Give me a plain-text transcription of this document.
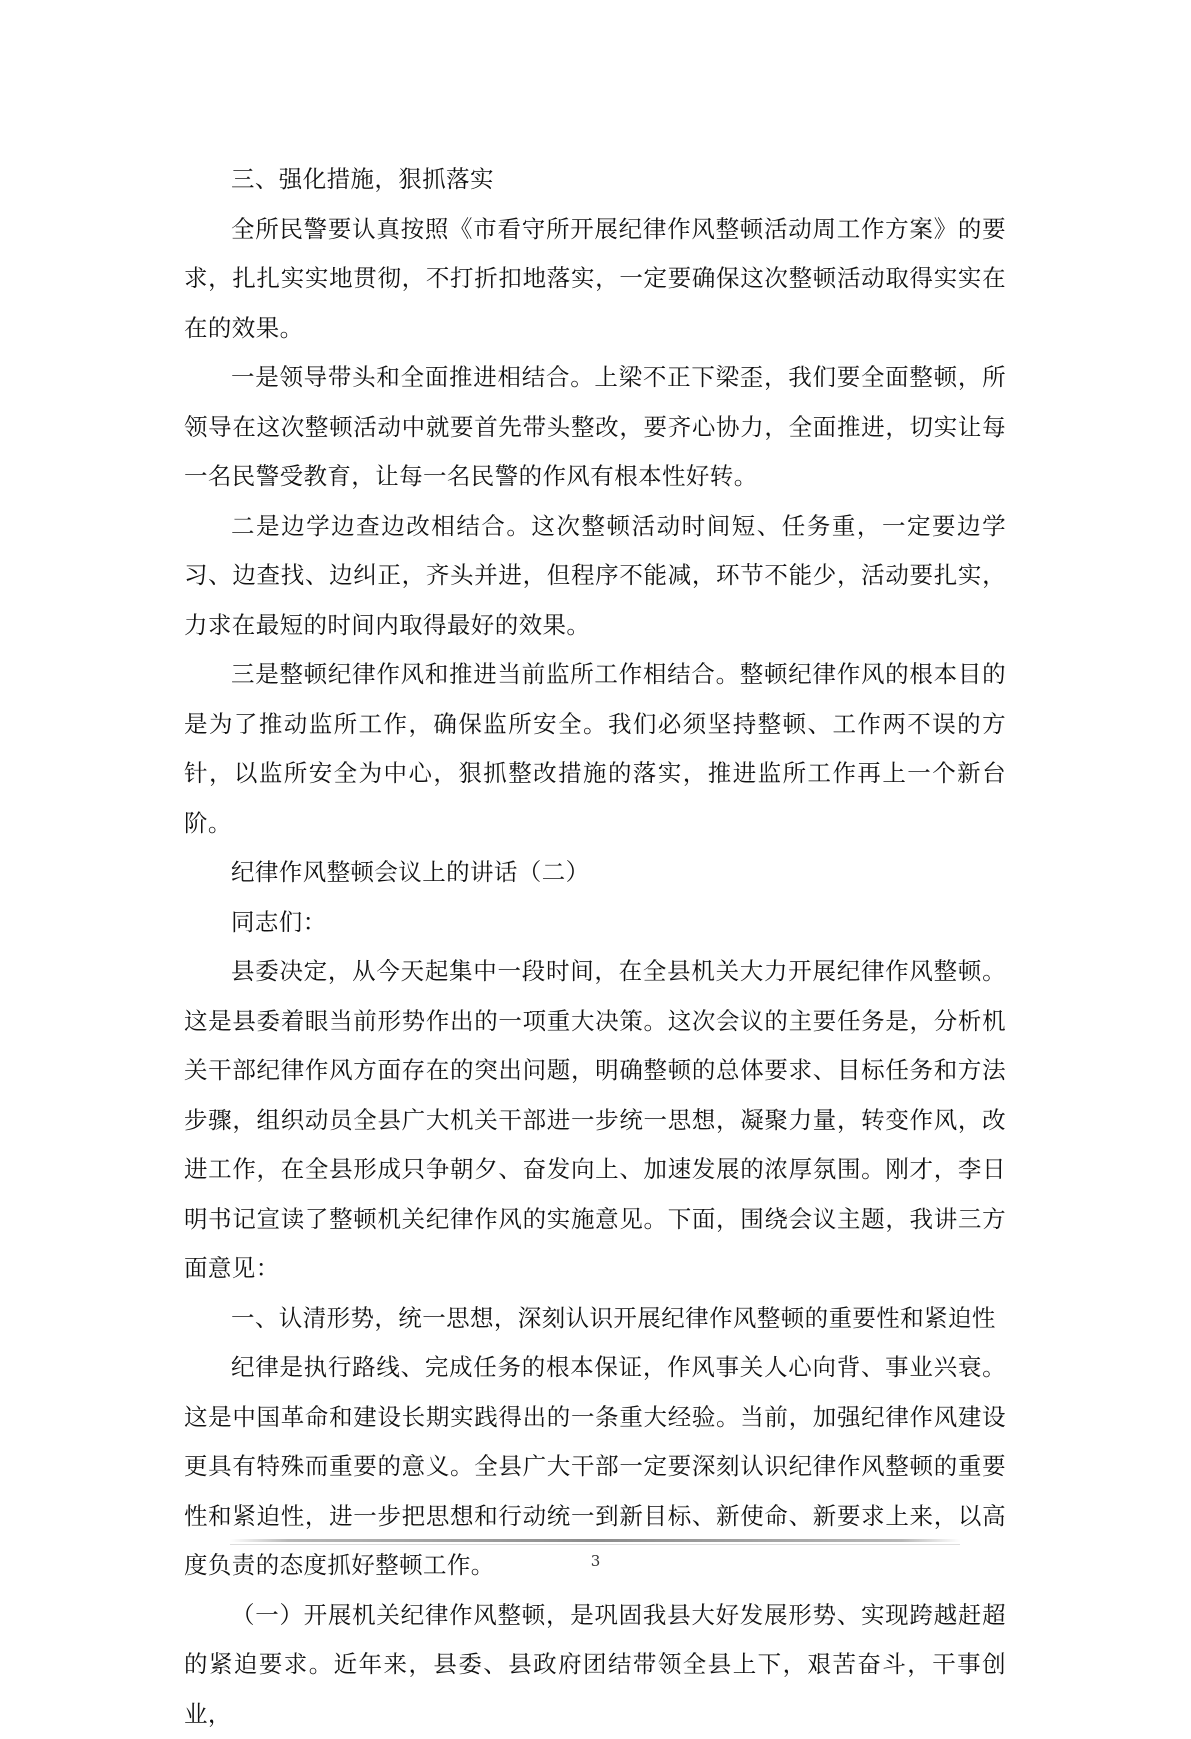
三、强化措施，狠抓落实

全所民警要认真按照《市看守所开展纪律作风整顿活动周工作方案》的要求，扎扎实实地贯彻，不打折扣地落实，一定要确保这次整顿活动取得实实在在的效果。

一是领导带头和全面推进相结合。上梁不正下梁歪，我们要全面整顿，所领导在这次整顿活动中就要首先带头整改，要齐心协力，全面推进，切实让每一名民警受教育，让每一名民警的作风有根本性好转。

二是边学边查边改相结合。这次整顿活动时间短、任务重，一定要边学习、边查找、边纠正，齐头并进，但程序不能减，环节不能少，活动要扎实，力求在最短的时间内取得最好的效果。

三是整顿纪律作风和推进当前监所工作相结合。整顿纪律作风的根本目的是为了推动监所工作，确保监所安全。我们必须坚持整顿、工作两不误的方针，以监所安全为中心，狠抓整改措施的落实，推进监所工作再上一个新台阶。

纪律作风整顿会议上的讲话（二）

同志们：

县委决定，从今天起集中一段时间，在全县机关大力开展纪律作风整顿。这是县委着眼当前形势作出的一项重大决策。这次会议的主要任务是，分析机关干部纪律作风方面存在的突出问题，明确整顿的总体要求、目标任务和方法步骤，组织动员全县广大机关干部进一步统一思想，凝聚力量，转变作风，改进工作，在全县形成只争朝夕、奋发向上、加速发展的浓厚氛围。刚才，李日明书记宣读了整顿机关纪律作风的实施意见。下面，围绕会议主题，我讲三方面意见：

一、认清形势，统一思想，深刻认识开展纪律作风整顿的重要性和紧迫性

纪律是执行路线、完成任务的根本保证，作风事关人心向背、事业兴衰。这是中国革命和建设长期实践得出的一条重大经验。当前，加强纪律作风建设更具有特殊而重要的意义。全县广大干部一定要深刻认识纪律作风整顿的重要性和紧迫性，进一步把思想和行动统一到新目标、新使命、新要求上来，以高度负责的态度抓好整顿工作。

（一）开展机关纪律作风整顿，是巩固我县大好发展形势、实现跨越赶超的紧迫要求。近年来，县委、县政府团结带领全县上下，艰苦奋斗，干事创业，

3
